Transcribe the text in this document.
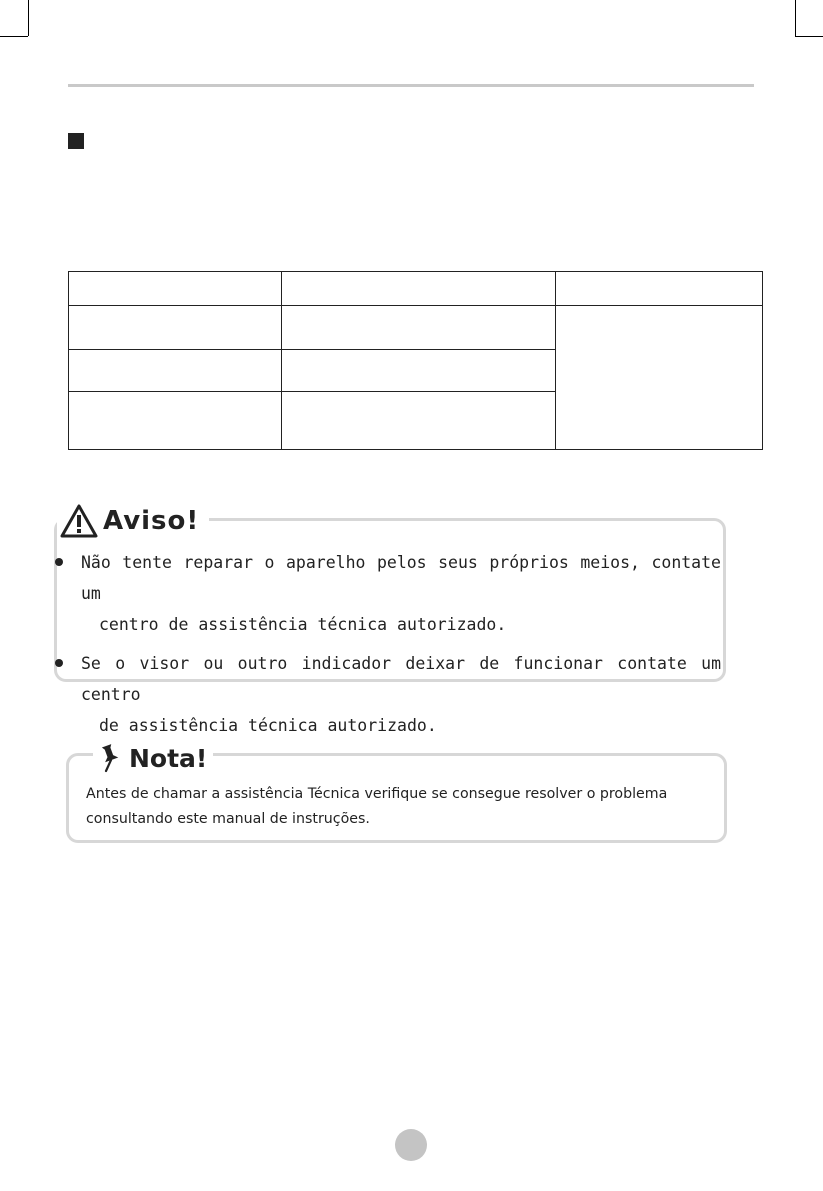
Aviso!
Não tente reparar o aparelho pelos seus próprios meios, contate um
centro de assistência técnica autorizado.
Se o visor ou outro indicador deixar de funcionar contate um centro
de assistência técnica autorizado.
Nota!
Antes de chamar a assistência Técnica verifique se consegue resolver o problema
consultando este manual de instruções.
